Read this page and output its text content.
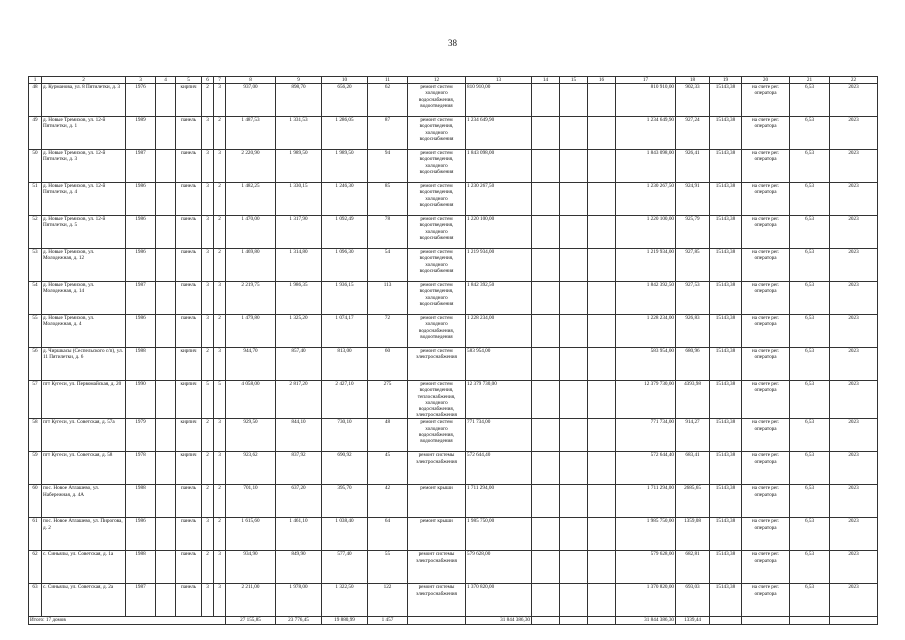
38
1	2	3	4	5	6	7	8	9	10	11	12	13	14	15	16	17	18	19	20	21	22
48	д. Курманова, ул. 8 Пятилетки, д. 3	1976		кирпич	2	3	937,00	898,70	656,20	62	ремонт систем холодного водоснабжения, водоотведения	810 910,00				810 910,00	902,33	15143,38	на счете рег. оператора	6,53	2023
49	д. Новые Тремихов, ул. 12-й Пятилетки, д. 1	1989		панель	3	2	1 487,53	1 331,53	1 286,05	87	ремонт систем водоотведения, холодного водоснабжения	1 234 649,90				1 234 649,90	927,24	15143,38	на счете рег. оператора	6,53	2023
50	д. Новые Тремихов, ул. 12-й Пятилетки, д. 3	1987		панель	3	3	2 220,90	1 989,50	1 989,50	94	ремонт систем водоотведения, холодного водоснабжения	1 843 098,00				1 843 098,00	926,41	15143,38	на счете рег. оператора	6,53	2023
51	д. Новые Тремихов, ул. 12-й Пятилетки, д. 4	1986		панель	3	2	1 482,25	1 330,15	1 246,30	85	ремонт систем водоотведения, холодного водоснабжения	1 230 267,50				1 230 267,50	924,91	15143,38	на счете рег. оператора	6,53	2023
52	д. Новые Тремихов, ул. 12-й Пятилетки, д. 5	1986		панель	3	2	1 470,00	1 317,90	1 092,49	78	ремонт систем водоотведения, холодного водоснабжения	1 220 100,00				1 220 100,00	925,79	15143,38	на счете рег. оператора	6,53	2023
53	д. Новые Тремихов, ул. Молодежная, д. 12	1986		панель	3	2	1 469,80	1 314,80	1 096,30	54	ремонт систем водоотведения, холодного водоснабжения	1 219 934,00				1 219 934,00	927,85	15143,38	на счете рег. оператора	6,53	2023
54	д. Новые Тремихов, ул. Молодежная, д. 14	1987		панель	3	3	2 219,75	1 986,35	1 936,15	113	ремонт систем водоотведения, холодного водоснабжения	1 842 392,50				1 842 392,50	927,53	15143,38	на счете рег. оператора	6,53	2023
55	д. Новые Тремихов, ул. Молодежная, д. 4	1986		панель	3	2	1 479,80	1 325,20	1 074,17	72	ремонт систем холодного водоснабжения, водоотведения	1 228 234,00				1 228 234,00	926,83	15143,38	на счете рег. оператора	6,53	2023
56	д. Чиршкасы (Сеспельского с/п), ул. 11 Пятилетки, д. 6	1988		кирпич	2	3	944,70	857,40	813,00	60	ремонт систем электроснабжения	583 954,00				583 954,00	680,96	15143,38	на счете рег. оператора	6,53	2023
57	пгт Кугеси, ул. Первомайская, д. 20	1990		кирпич	5	5	4 058,00	2 817,20	2 427,10	275	ремонт систем водоотведения, теплоснабжения, холодного водоснабжения, электроснабжения	12 379 730,00				12 379 730,00	4393,98	15143,38	на счете рег. оператора	6,53	2023
58	пгт Кугеси, ул. Советская, д. 57а	1979		кирпич	2	3	929,50	844,10	730,10	48	ремонт систем холодного водоснабжения, водоотведения	771 734,00				771 734,00	914,27	15143,38	на счете рег. оператора	6,53	2023
59	пгт Кугеси, ул. Советская, д. 58	1978		кирпич	2	3	923,62	837,92	690,92	45	ремонт системы электроснабжения	572 644,40				572 644,40	683,41	15143,38	на счете рег. оператора	6,53	2023
60	пос. Новое Атлашево, ул. Набережная, д. 4А	1988		панель	2	2	701,10	637,20	395,70	42	ремонт крыши	1 711 294,00				1 711 294,00	2685,65	15143,38	на счете рег. оператора	6,53	2023
61	пос. Новое Атлашево, ул. Пирогова, д. 2	1986		панель	3	2	1 615,60	1 461,10	1 038,40	64	ремонт крыши	1 985 750,00				1 985 750,00	1359,08	15143,38	на счете рег. оператора	6,53	2023
62	с. Синьялы, ул. Советская, д. 1а	1988		панель	2	3	934,90	849,90	577,40	55	ремонт системы электроснабжения	579 628,00				579 628,00	682,81	15143,38	на счете рег. оператора	6,53	2023
63	с. Синьялы, ул. Советская, д. 2а	1987		панель	3	3	2 211,00	1 978,00	1 322,50	122	ремонт системы электроснабжения	1 370 820,00				1 370 820,00	693,03	15143,38	на счете рег. оператора	6,53	2023
Итого: 17 домов							27 155,85	23 776,45	19 880,99	1 457		31 844 386,30				31 844 386,30	1339,44				
